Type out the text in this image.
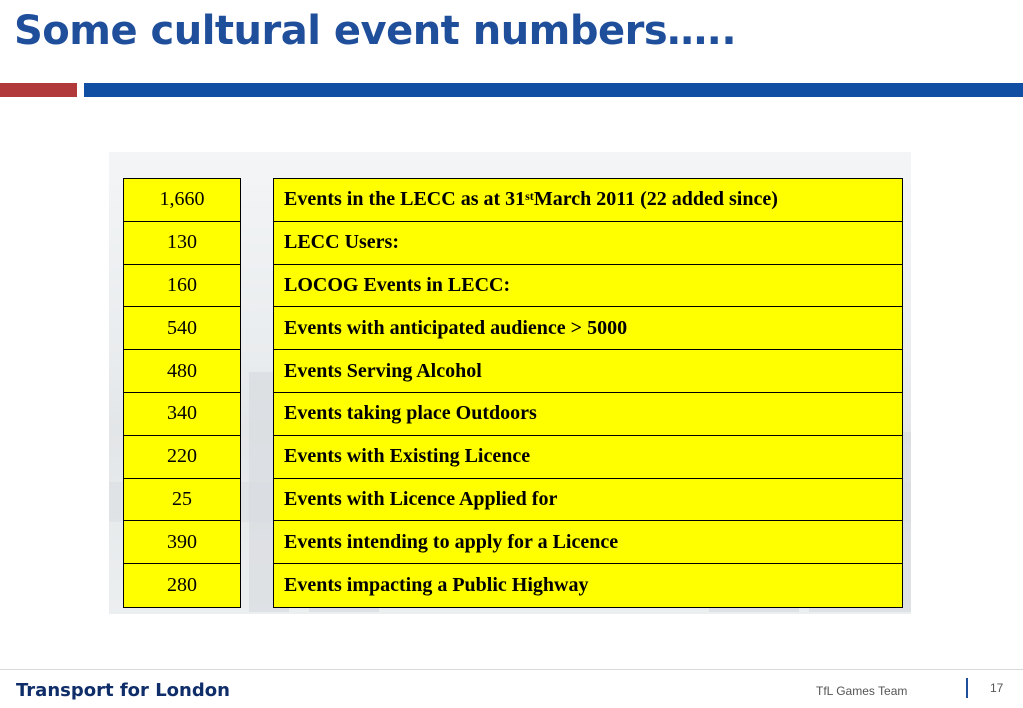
Some cultural event numbers…..
1,660
130
160
540
480
340
220
25
390
280
Events in the LECC as at 31st March 2011 (22 added since)
LECC Users:
LOCOG Events in LECC:
Events with anticipated audience > 5000
Events Serving Alcohol
Events taking place Outdoors
Events with Existing Licence
Events with Licence Applied for
Events intending to apply for a Licence
Events impacting a Public Highway
Transport for London	TfL Games Team	17
